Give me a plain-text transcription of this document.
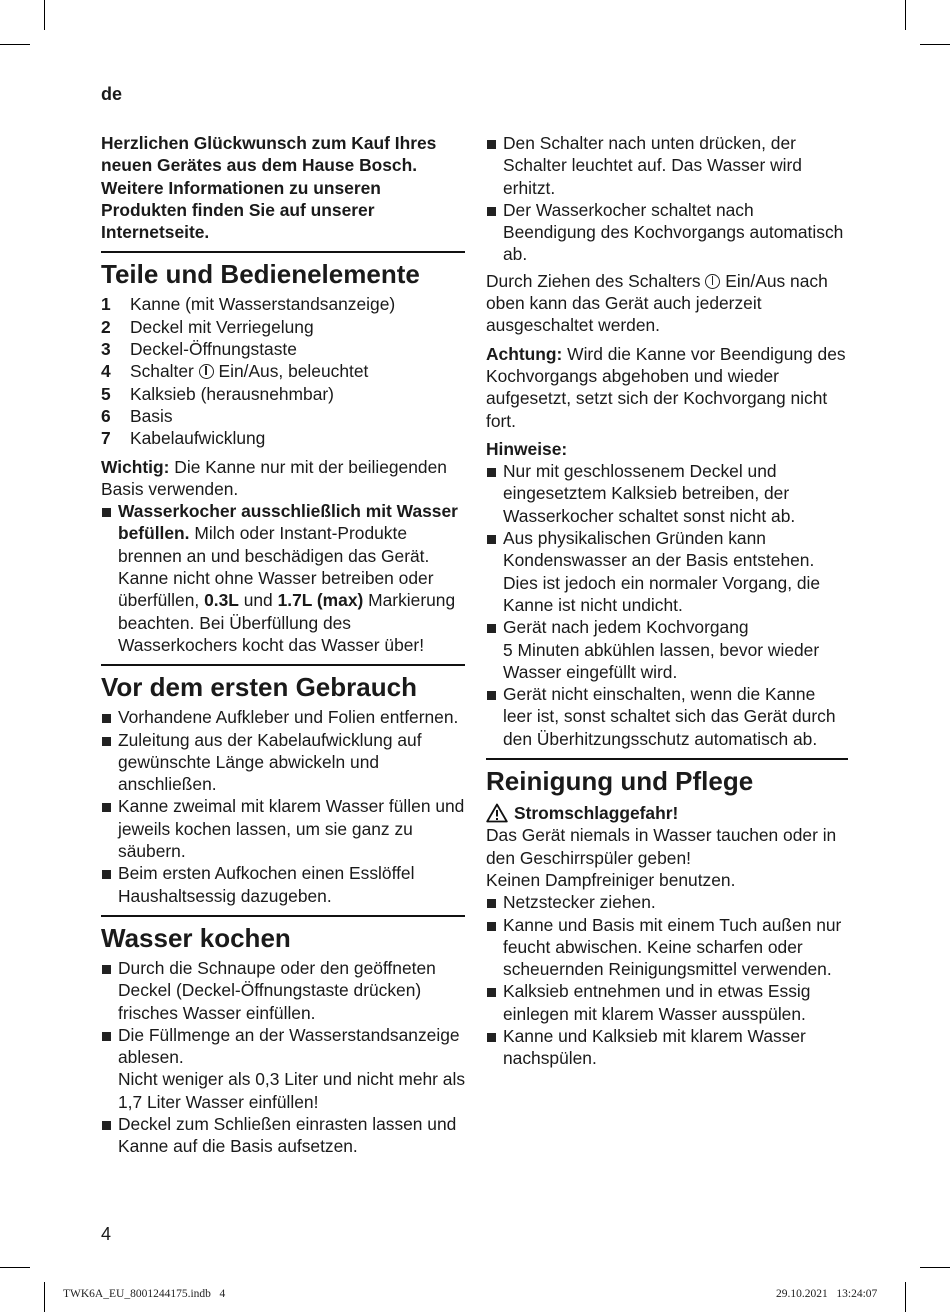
de

Herzlichen Glückwunsch zum Kauf Ihres neuen Gerätes aus dem Hause Bosch. Weitere Informationen zu unseren Produkten finden Sie auf unserer Internetseite.

Teile und Bedienelemente
1	Kanne (mit Wasserstandsanzeige)
2	Deckel mit Verriegelung
3	Deckel-Öffnungstaste
4	Schalter Ein/Aus, beleuchtet
5	Kalksieb (herausnehmbar)
6	Basis
7	Kabelaufwicklung

Wichtig: Die Kanne nur mit der beiliegenden Basis verwenden.

Wasserkocher ausschließlich mit Wasser befüllen. Milch oder Instant-Produkte brennen an und beschädigen das Gerät. Kanne nicht ohne Wasser betreiben oder überfüllen, 0.3L und 1.7L (max) Markierung beachten. Bei Überfüllung des Wasserkochers kocht das Wasser über!
Vor dem ersten Gebrauch
Vorhandene Aufkleber und Folien entfernen.
Zuleitung aus der Kabelaufwicklung auf gewünschte Länge abwickeln und anschließen.
Kanne zweimal mit klarem Wasser füllen und jeweils kochen lassen, um sie ganz zu säubern.
Beim ersten Aufkochen einen Esslöffel Haushaltsessig dazugeben.
Wasser kochen
Durch die Schnaupe oder den geöffneten Deckel (Deckel-Öffnungstaste drücken) frisches Wasser einfüllen.
Die Füllmenge an der Wasserstandsanzeige ablesen.
Nicht weniger als 0,3 Liter und nicht mehr als 1,7 Liter Wasser einfüllen!
Deckel zum Schließen einrasten lassen und Kanne auf die Basis aufsetzen.
Den Schalter nach unten drücken, der Schalter leuchtet auf. Das Wasser wird erhitzt.
Der Wasserkocher schaltet nach Beendigung des Kochvorgangs automatisch ab.

Durch Ziehen des Schalters Ein/Aus nach oben kann das Gerät auch jederzeit ausgeschaltet werden.

Achtung: Wird die Kanne vor Beendigung des Kochvorgangs abgehoben und wieder aufgesetzt, setzt sich der Kochvorgang nicht fort.

Hinweise:

Nur mit geschlossenem Deckel und eingesetztem Kalksieb betreiben, der Wasserkocher schaltet sonst nicht ab.
Aus physikalischen Gründen kann Kondenswasser an der Basis entstehen. Dies ist jedoch ein normaler Vorgang, die Kanne ist nicht undicht.
Gerät nach jedem Kochvorgang
5 Minuten abkühlen lassen, bevor wieder Wasser eingefüllt wird.
Gerät nicht einschalten, wenn die Kanne leer ist, sonst schaltet sich das Gerät durch den Überhitzungsschutz automatisch ab.
Reinigung und Pflege
Stromschlaggefahr!

Das Gerät niemals in Wasser tauchen oder in den Geschirrspüler geben!

Keinen Dampfreiniger benutzen.

Netzstecker ziehen.
Kanne und Basis mit einem Tuch außen nur feucht abwischen. Keine scharfen oder scheuernden Reinigungsmittel verwenden.
Kalksieb entnehmen und in etwas Essig einlegen mit klarem Wasser ausspülen.
Kanne und Kalksieb mit klarem Wasser nachspülen.
4
TWK6A_EU_8001244175.indb   4	29.10.2021   13:24:07
